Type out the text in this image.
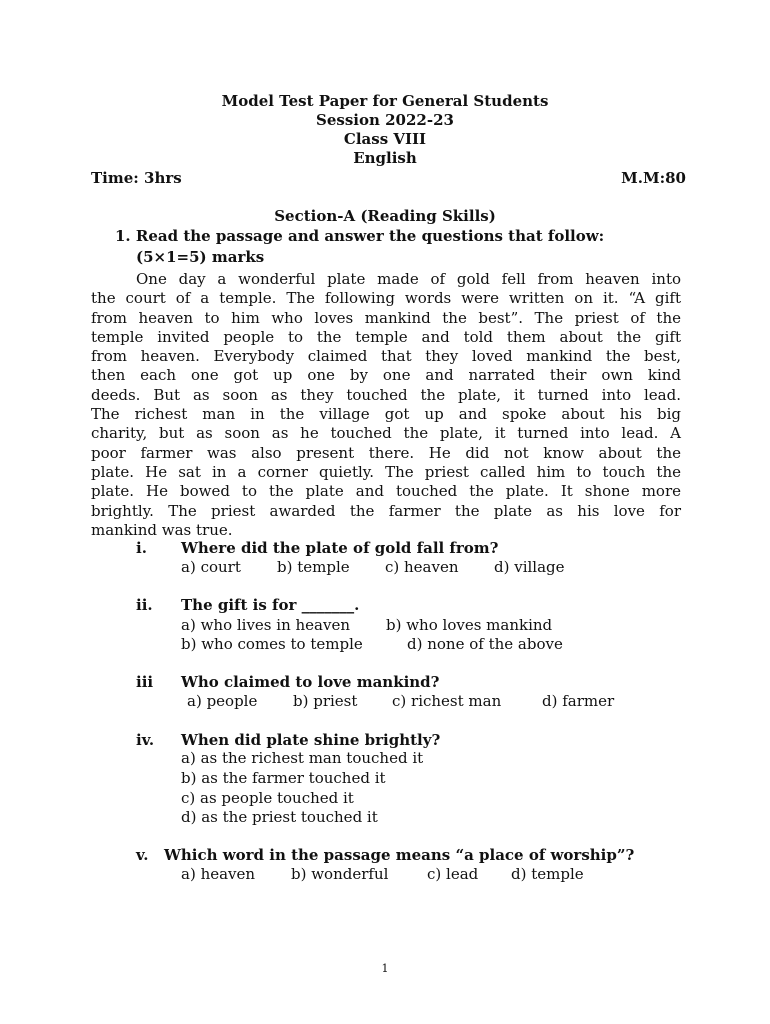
Model Test Paper for General Students
Session 2022-23
Class VIII
English
Time: 3hrs	M.M:80
Section-A (Reading Skills)
1. Read the passage and answer the questions that follow:
(5×1=5) marks
One day a wonderful plate made of gold fell from heaven into
the court of a temple. The following words were written on it. “A gift
from heaven to him who loves mankind the best”. The priest of the
temple invited people to the temple and told them about the gift
from heaven. Everybody claimed that they loved mankind the best,
then each one got up one by one and narrated their own kind
deeds. But as soon as they touched the plate, it turned into lead.
The richest man in the village got up and spoke about his big
charity, but as soon as he touched the plate, it turned into lead. A
poor farmer was also present there. He did not know about the
plate. He sat in a corner quietly. The priest called him to touch the
plate. He bowed to the plate and touched the plate. It shone more
brightly. The priest awarded the farmer the plate as his love for
mankind was true.
i. Where did the plate of gold fall from?
a) court b) temple c) heaven d) village
ii. The gift is for _______.
a) who lives in heaven b) who loves mankind
b) who comes to temple	d) none of the above
iii Who claimed to love mankind?
a) people b) priest c) richest man	d) farmer
iv. When did plate shine brightly?
a) as the richest man touched it
b) as the farmer touched it
c) as people touched it
d) as the priest touched it
v. Which word in the passage means “a place of worship”?
a) heaven b) wonderful	c) lead d) temple
1
